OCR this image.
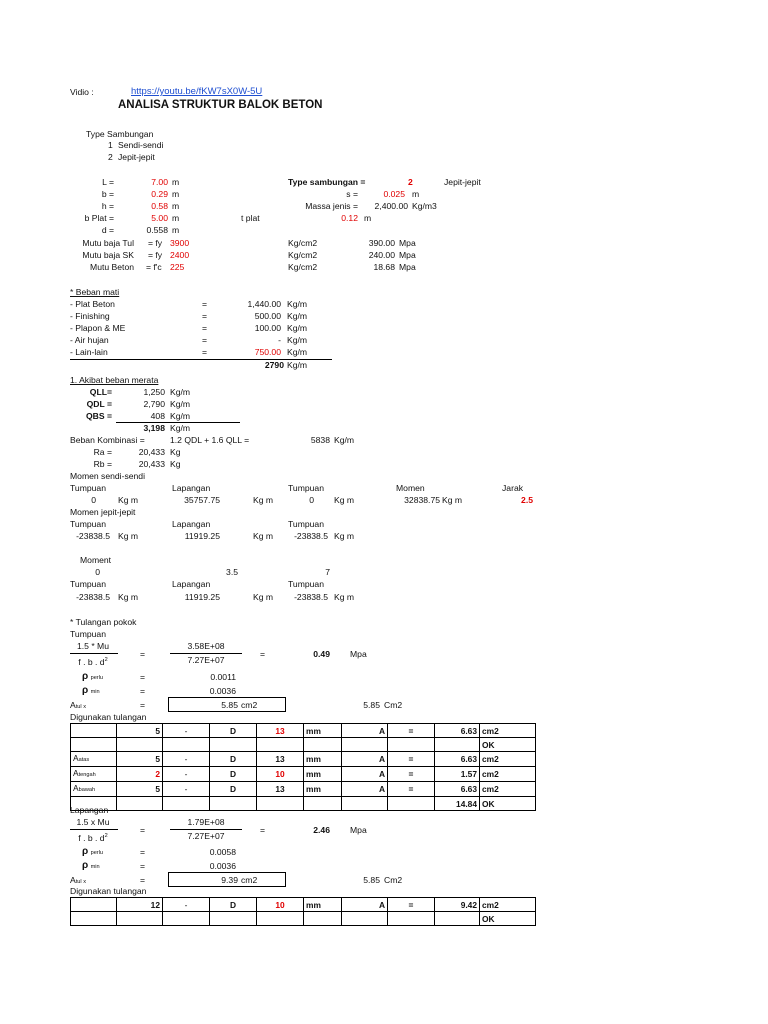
Vidio :	https://youtu.be/fKW7sX0W-5U
ANALISA STRUKTUR BALOK BETON
Type Sambungan
1 Sendi-sendi
2 Jepit-jepit
L =	7.00 m
b =	0.29 m
h =	0.58 m
b Plat =	5.00 m
d =	0.558 m
Mutu baja Tul = fy 3900	Kg/cm2	390.00 Mpa
Mutu baja SK = fy 2400	Kg/cm2	240.00 Mpa
Mutu Beton = f'c 225	Kg/cm2	18.68 Mpa
Type sambungan =	2	Jepit-jepit
s =	0.025 m
Massa jenis =	2,400.00 Kg/m3
t plat	0.12 m
* Beban mati
- Plat Beton	=	1,440.00 Kg/m
- Finishing	=	500.00 Kg/m
- Plapon & ME	=	100.00 Kg/m
- Air hujan	=	- Kg/m
- Lain-lain	=	750.00 Kg/m
2790 Kg/m
1. Akibat beban merata
QLL=	1,250 Kg/m
QDL =	2,790 Kg/m
QBS =	408 Kg/m
3,198 Kg/m
Beban Kombinasi =	1.2 QDL + 1.6 QLL =	5838 Kg/m
Ra =	20,433 Kg
Rb =	20,433 Kg
Momen sendi-sendi
Tumpuan	Lapangan	Tumpuan	Momen	Jarak
0	Kg m	35757.75	Kg m	0 Kg m	32838.75 Kg m	2.5
Momen jepit-jepit
Tumpuan	Lapangan	Tumpuan
-23838.5 Kg m	11919.25	Kg m	-23838.5 Kg m
Moment
0	3.5	7
Tumpuan	Lapangan	Tumpuan
-23838.5 Kg m	11919.25	Kg m	-23838.5 Kg m
* Tulangan pokok
Tumpuan
1.5 * Mu
f . b . $d^2$
=
3.58E+08
7.27E+07
=	0.49 Mpa
ρ perlu	=	0.0011
ρ min	=	0.0036
Atul x	=	5.85 cm2	5.85 Cm2
Digunakan tulangan
	5	-	D	13	mm	A	=	6.63	cm2
									OK
Aatas	5	-	D	13	mm	A	=	6.63	cm2
Atengah	2	-	D	10	mm	A	=	1.57	cm2
Abawah	5	-	D	13	mm	A	=	6.63	cm2
								14.84	OK
Lapangan
1.5 x Mu
f . b . $d^2$
=
1.79E+08
7.27E+07
=	2.46 Mpa
ρ perlu	=	0.0058
ρ min	=	0.0036
Atul x	=	9.39 cm2	5.85 Cm2
Digunakan tulangan
	12	-	D	10	mm	A	=	9.42	cm2
									OK
